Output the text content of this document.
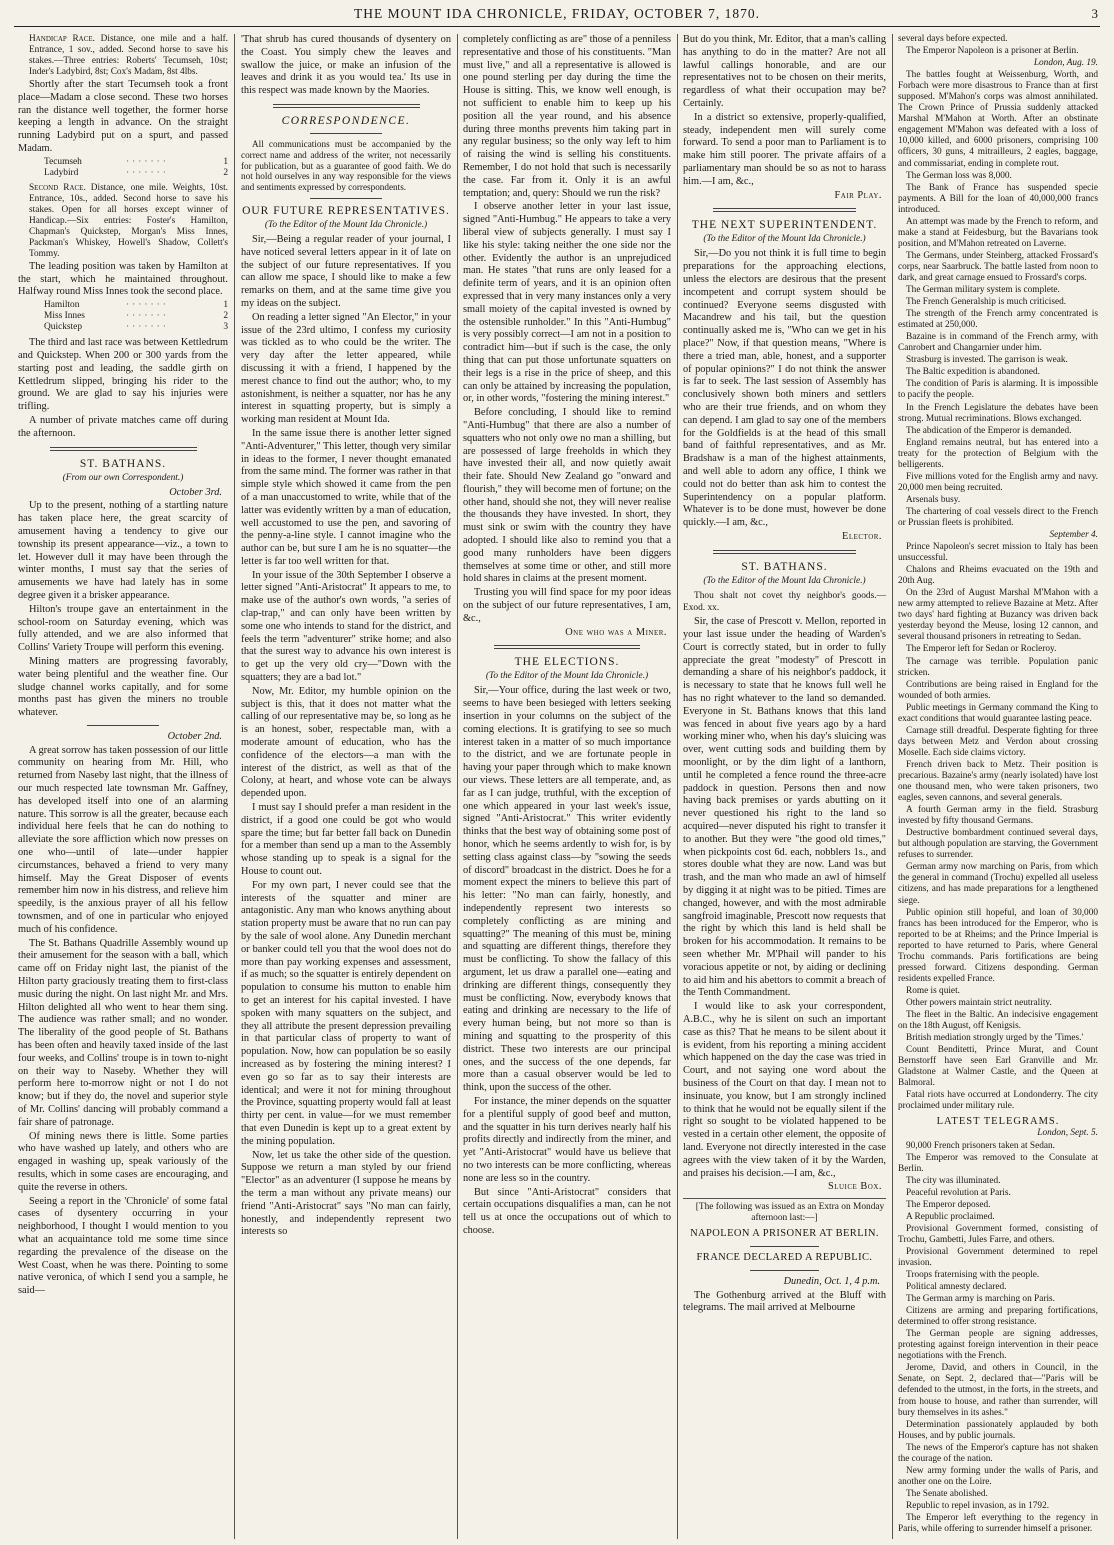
THE MOUNT IDA CHRONICLE, FRIDAY, OCTOBER 7, 1870.	3

Handicap Race. Distance, one mile and a half. Entrance, 1 sov., added. Second horse to save his stakes.—Three entries: Roberts' Tecumseh, 10st; Inder's Ladybird, 8st; Cox's Madam, 8st 4lbs.

Shortly after the start Tecumseh took a front place—Madam a close second. These two horses ran the distance well together, the former horse keeping a length in advance. On the straight running Ladybird put on a spurt, and passed Madam.

Tecumseh	·······	1
Ladybird	·······	2

Second Race. Distance, one mile. Weights, 10st. Entrance, 10s., added. Second horse to save his stakes. Open for all horses except winner of Handicap.—Six entries: Foster's Hamilton, Chapman's Quickstep, Morgan's Miss Innes, Packman's Whiskey, Howell's Shadow, Collett's Tommy.

The leading position was taken by Hamilton at the start, which he maintained throughout. Halfway round Miss Innes took the second place.

Hamilton	·······	1
Miss Innes	·······	2
Quickstep	·······	3

The third and last race was between Kettledrum and Quickstep. When 200 or 300 yards from the starting post and leading, the saddle girth on Kettledrum slipped, bringing his rider to the ground. We are glad to say his injuries were trifling.

A number of private matches came off during the afternoon.

ST. BATHANS.
(From our own Correspondent.)
October 3rd.

Up to the present, nothing of a startling nature has taken place here, the great scarcity of amusement having a tendency to give our township its present appearance—viz., a town to let. However dull it may have been through the winter months, I must say that the series of amusements we have had lately has in some degree given it a brisker appearance.

Hilton's troupe gave an entertainment in the school-room on Saturday evening, which was fully attended, and we are also informed that Collins' Variety Troupe will perform this evening.

Mining matters are progressing favorably, water being plentiful and the weather fine. Our sludge channel works capitally, and for some months past has given the miners no trouble whatever.

October 2nd.

A great sorrow has taken possession of our little community on hearing from Mr. Hill, who returned from Naseby last night, that the illness of our much respected late townsman Mr. Gaffney, has developed itself into one of an alarming nature. This sorrow is all the greater, because each individual here feels that he can do nothing to alleviate the sore affliction which now presses on one who—until of late—under happier circumstances, behaved a friend to very many himself. May the Great Disposer of events remember him now in his distress, and relieve him speedily, is the anxious prayer of all his fellow townsmen, and of one in particular who enjoyed much of his confidence.

The St. Bathans Quadrille Assembly wound up their amusement for the season with a ball, which came off on Friday night last, the pianist of the Hilton party graciously treating them to first-class music during the night. On last night Mr. and Mrs. Hilton delighted all who went to hear them sing. The audience was rather small; and no wonder. The liberality of the good people of St. Bathans has been often and heavily taxed inside of the last four weeks, and Collins' troupe is in town to-night on their way to Naseby. Whether they will perform here to-morrow night or not I do not know; but if they do, the novel and superior style of Mr. Collins' dancing will probably command a fair share of patronage.

Of mining news there is little. Some parties who have washed up lately, and others who are engaged in washing up, speak variously of the results, which in some cases are encouraging, and quite the reverse in others.

Seeing a report in the 'Chronicle' of some fatal cases of dysentery occurring in your neighborhood, I thought I would mention to you what an acquaintance told me some time since regarding the prevalence of the disease on the West Coast, when he was there. Pointing to some native veronica, of which I send you a sample, he said—

'That shrub has cured thousands of dysentery on the Coast. You simply chew the leaves and swallow the juice, or make an infusion of the leaves and drink it as you would tea.' Its use in this respect was made known by the Maories.

CORRESPONDENCE.

All communications must be accompanied by the correct name and address of the writer, not necessarily for publication, but as a guarantee of good faith. We do not hold ourselves in any way responsible for the views and sentiments expressed by correspondents.

OUR FUTURE REPRESENTATIVES.
(To the Editor of the Mount Ida Chronicle.)

Sir,—Being a regular reader of your journal, I have noticed several letters appear in it of late on the subject of our future representatives. If you can allow me space, I should like to make a few remarks on them, and at the same time give you my ideas on the subject.

On reading a letter signed "An Elector," in your issue of the 23rd ultimo, I confess my curiosity was tickled as to who could be the writer. The very day after the letter appeared, while discussing it with a friend, I happened by the merest chance to find out the author; who, to my astonishment, is neither a squatter, nor has he any interest in squatting property, but is simply a working man resident at Mount Ida.

In the same issue there is another letter signed "Anti-Adventurer," This letter, though very similar in ideas to the former, I never thought emanated from the same mind. The former was rather in that simple style which showed it came from the pen of a man unaccustomed to write, while that of the latter was evidently written by a man of education, well accustomed to use the pen, and savoring of the penny-a-line style. I cannot imagine who the author can be, but sure I am he is no squatter—the letter is far too well written for that.

In your issue of the 30th September I observe a letter signed "Anti-Aristocrat" It appears to me, to make use of the author's own words, "a series of clap-trap," and can only have been written by some one who intends to stand for the district, and feels the term "adventurer" strike home; and also that the surest way to advance his own interest is to get up the very old cry—"Down with the squatters; they are a bad lot."

Now, Mr. Editor, my humble opinion on the subject is this, that it does not matter what the calling of our representative may be, so long as he is an honest, sober, respectable man, with a moderate amount of education, who has the confidence of the electors—a man with the interest of the district, as well as that of the Colony, at heart, and whose vote can be always depended upon.

I must say I should prefer a man resident in the district, if a good one could be got who would spare the time; but far better fall back on Dunedin for a member than send up a man to the Assembly whose standing up to speak is a signal for the House to count out.

For my own part, I never could see that the interests of the squatter and miner are antagonistic. Any man who knows anything about station property must be aware that no run can pay by the sale of wool alone. Any Dunedin merchant or banker could tell you that the wool does not do more than pay working expenses and assessment, if as much; so the squatter is entirely dependent on population to consume his mutton to enable him to get an interest for his capital invested. I have spoken with many squatters on the subject, and they all attribute the present depression prevailing in that particular class of property to want of population. Now, how can population be so easily increased as by fostering the mining interest? I even go so far as to say their interests are identical; and were it not for mining throughout the Province, squatting property would fall at least thirty per cent. in value—for we must remember that even Dunedin is kept up to a great extent by the mining population.

Now, let us take the other side of the question. Suppose we return a man styled by our friend "Elector" as an adventurer (I suppose he means by the term a man without any private means) our friend "Anti-Aristocrat" says "No man can fairly, honestly, and independently represent two interests so

completely conflicting as are" those of a penniless representative and those of his constituents. "Man must live," and all a representative is allowed is one pound sterling per day during the time the House is sitting. This, we know well enough, is not sufficient to enable him to keep up his position all the year round, and his absence during three months prevents him taking part in any regular business; so the only way left to him of raising the wind is selling his constituents. Remember, I do not hold that such is necessarily the case. Far from it. Only it is an awful temptation; and, query: Should we run the risk?

I observe another letter in your last issue, signed "Anti-Humbug." He appears to take a very liberal view of subjects generally. I must say I like his style: taking neither the one side nor the other. Evidently the author is an unprejudiced man. He states "that runs are only leased for a definite term of years, and it is an opinion often expressed that in very many instances only a very small moiety of the capital invested is owned by the ostensible runholder." In this "Anti-Humbug" is very possibly correct—I am not in a position to contradict him—but if such is the case, the only thing that can put those unfortunate squatters on their legs is a rise in the price of sheep, and this can only be attained by increasing the population, or, in other words, "fostering the mining interest."

Before concluding, I should like to remind "Anti-Humbug" that there are also a number of squatters who not only owe no man a shilling, but are possessed of large freeholds in which they have invested their all, and now quietly await their fate. Should New Zealand go "onward and flourish," they will become men of fortune; on the other hand, should she not, they will never realise the thousands they have invested. In short, they must sink or swim with the country they have adopted. I should like also to remind you that a good many runholders have been diggers themselves at some time or other, and still more hold shares in claims at the present moment.

Trusting you will find space for my poor ideas on the subject of our future representatives, I am, &c.,

One who was a Miner.
THE ELECTIONS.
(To the Editor of the Mount Ida Chronicle.)

Sir,—Your office, during the last week or two, seems to have been besieged with letters seeking insertion in your columns on the subject of the coming elections. It is gratifying to see so much interest taken in a matter of so much importance to the district, and we are fortunate people in having your paper through which to make known our views. These letters are all temperate, and, as far as I can judge, truthful, with the exception of one which appeared in your last week's issue, signed "Anti-Aristocrat." This writer evidently thinks that the best way of obtaining some post of honor, which he seems ardently to wish for, is by setting class against class—by "sowing the seeds of discord" broadcast in the district. Does he for a moment expect the miners to believe this part of his letter: "No man can fairly, honestly, and independently represent two interests so completely conflicting as are mining and squatting?" The meaning of this must be, mining and squatting are different things, therefore they must be conflicting. To show the fallacy of this argument, let us draw a parallel one—eating and drinking are different things, consequently they must be conflicting. Now, everybody knows that eating and drinking are necessary to the life of every human being, but not more so than is mining and squatting to the prosperity of this district. These two interests are our principal ones, and the success of the one depends, far more than a casual observer would be led to think, upon the success of the other.

For instance, the miner depends on the squatter for a plentiful supply of good beef and mutton, and the squatter in his turn derives nearly half his profits directly and indirectly from the miner, and yet "Anti-Aristocrat" would have us believe that no two interests can be more conflicting, whereas none are less so in the country.

But since "Anti-Aristocrat" considers that certain occupations disqualifies a man, can he not tell us at once the occupations out of which to choose.

But do you think, Mr. Editor, that a man's calling has anything to do in the matter? Are not all lawful callings honorable, and are our representatives not to be chosen on their merits, regardless of what their occupation may be? Certainly.

In a district so extensive, properly-qualified, steady, independent men will surely come forward. To send a poor man to Parliament is to make him still poorer. The private affairs of a parliamentary man should be so as not to harass him.—I am, &c.,

Fair Play.
THE NEXT SUPERINTENDENT.
(To the Editor of the Mount Ida Chronicle.)

Sir,—Do you not think it is full time to begin preparations for the approaching elections, unless the electors are desirous that the present incompetent and corrupt system should be continued? Everyone seems disgusted with Macandrew and his tail, but the question continually asked me is, "Who can we get in his place?" Now, if that question means, "Where is there a tried man, able, honest, and a supporter of popular opinions?" I do not think the answer is far to seek. The last session of Assembly has conclusively shown both miners and settlers who are their true friends, and on whom they can depend. I am glad to say one of the members for the Goldfields is at the head of this small band of faithful representatives, and as Mr. Bradshaw is a man of the highest attainments, and well able to adorn any office, I think we could not do better than ask him to contest the Superintendency on a popular platform. Whatever is to be done must, however be done quickly.—I am, &c.,

Elector.
ST. BATHANS.
(To the Editor of the Mount Ida Chronicle.)

Thou shalt not covet thy neighbor's goods.— Exod. xx.

Sir, the case of Prescott v. Mellon, reported in your last issue under the heading of Warden's Court is correctly stated, but in order to fully appreciate the great "modesty" of Prescott in demanding a share of his neighbor's paddock, it is necessary to state that he knows full well he has no right whatever to the land so demanded. Everyone in St. Bathans knows that this land was fenced in about five years ago by a hard working miner who, when his day's sluicing was over, went cutting sods and building them by moonlight, or by the dim light of a lanthorn, until he completed a fence round the three-acre paddock in question. Persons then and now having back premises or yards abutting on it never questioned his right to the land so acquired—never disputed his right to transfer it to another. But they were "the good old times," when pickpoints cost 6d. each, nobblers 1s., and stores double what they are now. Land was but trash, and the man who made an awl of himself by digging it at night was to be pitied. Times are changed, however, and with the most admirable sangfroid imaginable, Prescott now requests that the right by which this land is held shall be broken for his accommodation. It remains to be seen whether Mr. M'Phail will pander to his voracious appetite or not, by aiding or declining to aid him and his abettors to commit a breach of the Tenth Commandment.

I would like to ask your correspondent, A.B.C., why he is silent on such an important case as this? That he means to be silent about it is evident, from his reporting a mining accident which happened on the day the case was tried in Court, and not saying one word about the business of the Court on that day. I mean not to insinuate, you know, but I am strongly inclined to think that he would not be equally silent if the right so sought to be violated happened to be vested in a certain other element, the opposite of land. Everyone not directly interested in the case agrees with the view taken of it by the Warden, and praises his decision.—I am, &c.,

Sluice Box.

[The following was issued as an Extra on Monday afternoon last:—]

NAPOLEON A PRISONER AT BERLIN.
FRANCE DECLARED A REPUBLIC.
Dunedin, Oct. 1, 4 p.m.

The Gothenburg arrived at the Bluff with telegrams. The mail arrived at Melbourne

several days before expected.

The Emperor Napoleon is a prisoner at Berlin.

London, Aug. 19.

The battles fought at Weissenburg, Worth, and Forbach were more disastrous to France than at first supposed. M'Mahon's corps was almost annihilated. The Crown Prince of Prussia suddenly attacked Marshal M'Mahon at Worth. After an obstinate engagement M'Mahon was defeated with a loss of 10,000 killed, and 6000 prisoners, comprising 100 officers, 30 guns, 4 mitrailleurs, 2 eagles, baggage, and commissariat, ending in complete rout.

The German loss was 8,000.

The Bank of France has suspended specie payments. A Bill for the loan of 40,000,000 francs introduced.

An attempt was made by the French to reform, and make a stand at Feidesburg, but the Bavarians took position, and M'Mahon retreated on Laverne.

The Germans, under Steinberg, attacked Frossard's corps, near Saarbruck. The battle lasted from noon to dark, and great carnage ensued to Frossard's corps.

The German military system is complete.

The French Generalship is much criticised.

The strength of the French army concentrated is estimated at 250,000.

Bazaine is in command of the French army, with Canrobert and Changarnier under him.

Strasburg is invested. The garrison is weak.

The Baltic expedition is abandoned.

The condition of Paris is alarming. It is impossible to pacify the people.

In the French Legislature the debates have been strong. Mutual recriminations. Blows exchanged.

The abdication of the Emperor is demanded.

England remains neutral, but has entered into a treaty for the protection of Belgium with the belligerents.

Five millions voted for the English army and navy. 20,000 men being recruited.

Arsenals busy.

The chartering of coal vessels direct to the French or Prussian fleets is prohibited.

September 4.

Prince Napoleon's secret mission to Italy has been unsuccessful.

Chalons and Rheims evacuated on the 19th and 20th Aug.

On the 23rd of August Marshal M'Mahon with a new army attempted to relieve Bazaine at Metz. After two days' hard fighting at Buzancy was driven back yesterday beyond the Meuse, losing 12 cannon, and several thousand prisoners in retreating to Sedan.

The Emperor left for Sedan or Rocleroy.

The carnage was terrible. Population panic stricken.

Contributions are being raised in England for the wounded of both armies.

Public meetings in Germany command the King to exact conditions that would guarantee lasting peace.

Carnage still dreadful. Desperate fighting for three days between Metz and Verdon about crossing Moselle. Each side claims victory.

French driven back to Metz. Their position is precarious. Bazaine's army (nearly isolated) have lost one thousand men, who were taken prisoners, two eagles, seven cannons, and several generals.

A fourth German army in the field. Strasburg invested by fifty thousand Germans.

Destructive bombardment continued several days, but although population are starving, the Government refuses to surrender.

German army now marching on Paris, from which the general in command (Trochu) expelled all useless citizens, and has made preparations for a lengthened siege.

Public opinion still hopeful, and loan of 30,000 francs has been introduced for the Emperor, who is reported to be at Rheims; and the Prince Imperial is reported to have returned to Paris, where General Trochu commands. Paris fortifications are being pressed forward. Citizens desponding. German residents expelled France.

Rome is quiet.

Other powers maintain strict neutrality.

The fleet in the Baltic. An indecisive engagement on the 18th August, off Kenigsis.

British mediation strongly urged by the 'Times.'

Count Benditetti, Prince Murat, and Count Bernstorff have seen Earl Granville and Mr. Gladstone at Walmer Castle, and the Queen at Balmoral.

Fatal riots have occurred at Londonderry. The city proclaimed under military rule.

LATEST TELEGRAMS.

London, Sept. 5.

90,000 French prisoners taken at Sedan.

The Emperor was removed to the Consulate at Berlin.

The city was illuminated.

Peaceful revolution at Paris.

The Emperor deposed.

A Republic proclaimed.

Provisional Government formed, consisting of Trochu, Gambetti, Jules Farre, and others.

Provisional Government determined to repel invasion.

Troops fraternising with the people.

Political amnesty declared.

The German army is marching on Paris.

Citizens are arming and preparing fortifications, determined to offer strong resistance.

The German people are signing addresses, protesting against foreign intervention in their peace negotiations with the French.

Jerome, David, and others in Council, in the Senate, on Sept. 2, declared that—"Paris will be defended to the utmost, in the forts, in the streets, and from house to house, and rather than surrender, will bury themselves in its ashes."

Determination passionately applauded by both Houses, and by public journals.

The news of the Emperor's capture has not shaken the courage of the nation.

New army forming under the walls of Paris, and another one on the Loire.

The Senate abolished.

Republic to repel invasion, as in 1792.

The Emperor left everything to the regency in Paris, while offering to surrender himself a prisoner.
